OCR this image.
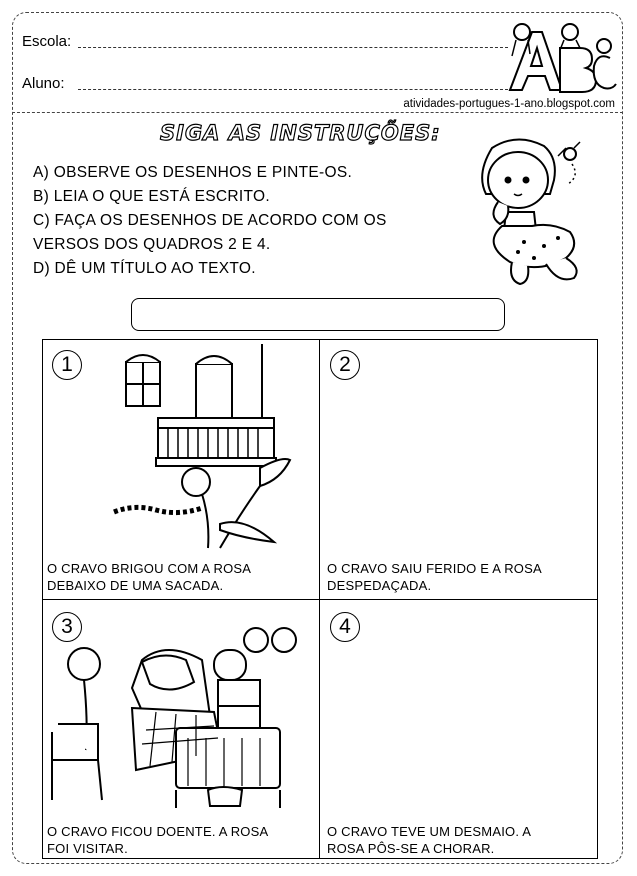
Escola:
Aluno:
atividades-portugues-1-ano.blogspot.com
SIGA AS INSTRUÇÕES:
A) OBSERVE OS DESENHOS E PINTE-OS.
B) LEIA O QUE ESTÁ ESCRITO.
C) FAÇA OS DESENHOS DE ACORDO COM OS
VERSOS DOS QUADROS 2 E 4.
D) DÊ UM TÍTULO AO TEXTO.
1
O CRAVO BRIGOU COM A ROSA
DEBAIXO DE UMA SACADA.
2
O CRAVO SAIU FERIDO E A ROSA
DESPEDAÇADA.
3
O CRAVO FICOU DOENTE. A ROSA
FOI VISITAR.
4
O CRAVO TEVE UM DESMAIO. A
ROSA PÔS-SE A CHORAR.
